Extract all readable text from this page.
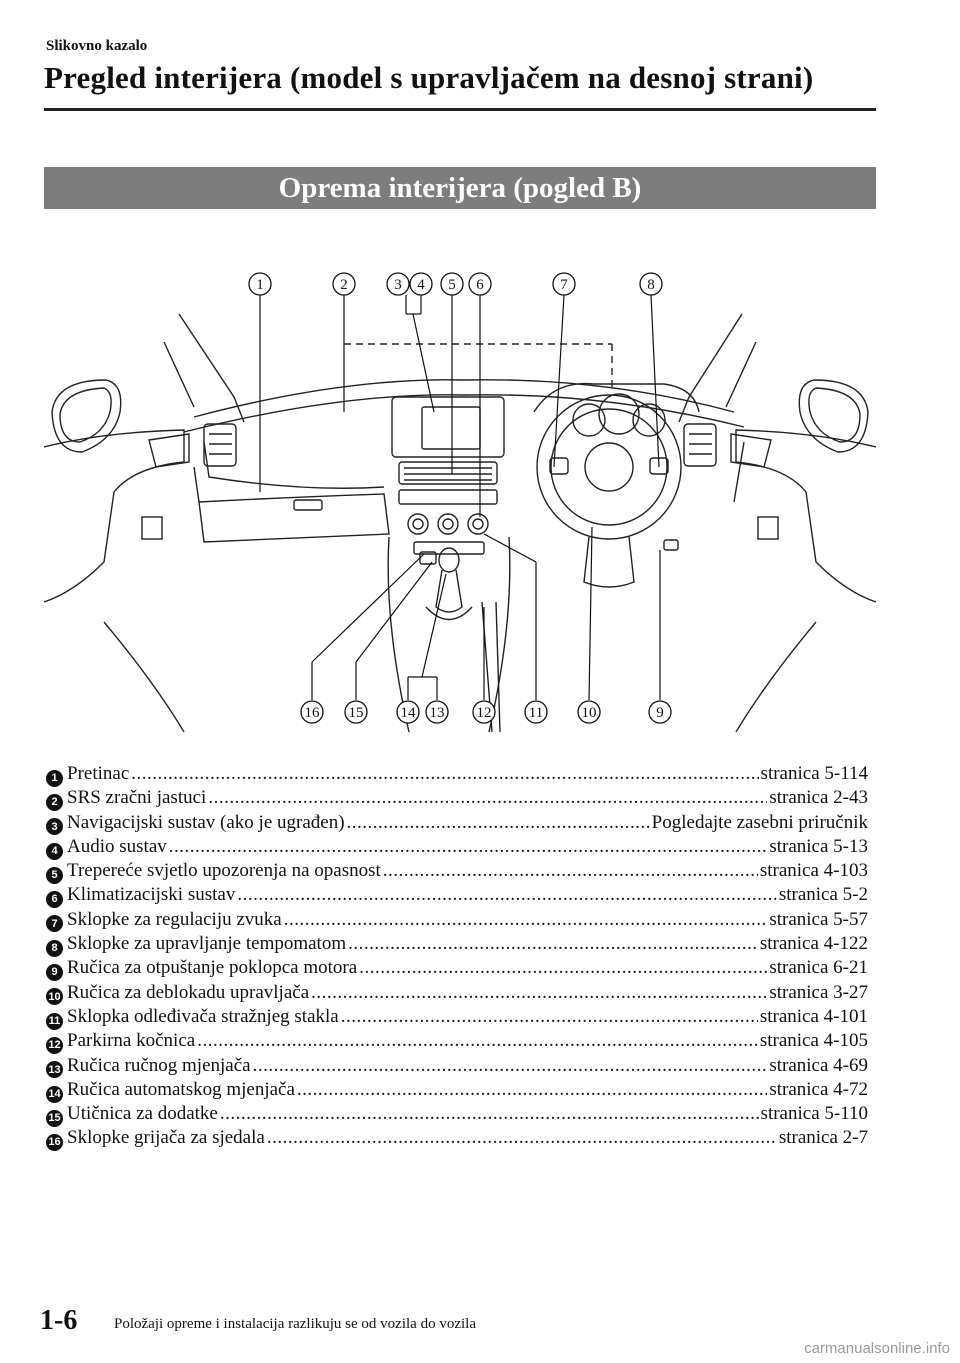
Slikovno kazalo
Pregled interijera (model s upravljačem na desnoj strani)
Oprema interijera (pogled B)
1	2	3 4 5 6	7	8
16 15 14 13 12 11	10	9
1 Pretinac .....	stranica 5-114
2 SRS zračni jastuci .....	stranica 2-43
3 Navigacijski sustav (ako je ugrađen) .....	Pogledajte zasebni priručnik
4 Audio sustav .....	stranica 5-13
5 Trepereće svjetlo upozorenja na opasnost .....	stranica 4-103
6 Klimatizacijski sustav .....	stranica 5-2
7 Sklopke za regulaciju zvuka .....	stranica 5-57
8 Sklopke za upravljanje tempomatom .....	stranica 4-122
9 Ručica za otpuštanje poklopca motora .....	stranica 6-21
10 Ručica za deblokadu upravljača .....	stranica 3-27
11 Sklopka odleđivača stražnjeg stakla .....	stranica 4-101
12 Parkirna kočnica .....	stranica 4-105
13 Ručica ručnog mjenjača .....	stranica 4-69
14 Ručica automatskog mjenjača .....	stranica 4-72
15 Utičnica za dodatke .....	stranica 5-110
16 Sklopke grijača za sjedala .....	stranica 2-7
1-6 Položaji opreme i instalacija razlikuju se od vozila do vozila
carmanualsonline.info
